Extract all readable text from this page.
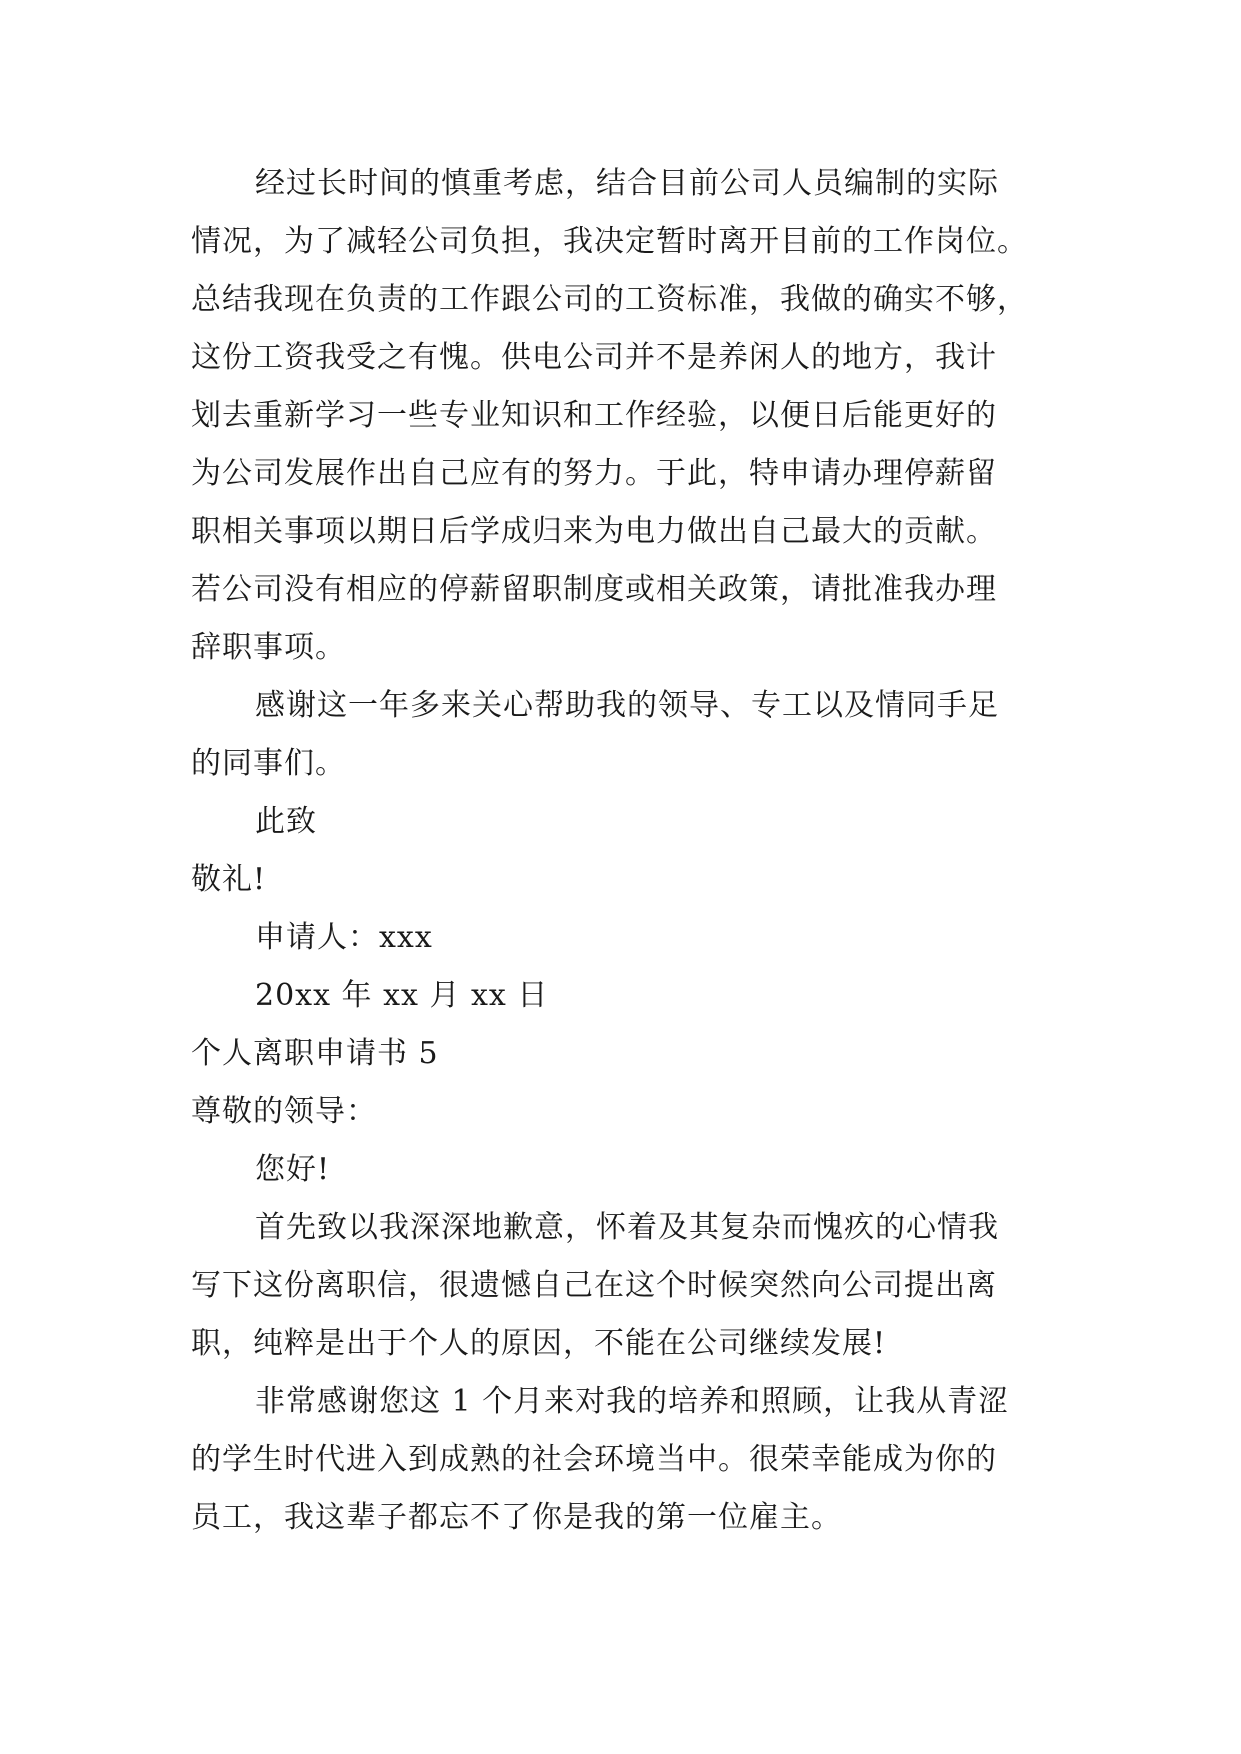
经过长时间的慎重考虑，结合目前公司人员编制的实际
情况，为了减轻公司负担，我决定暂时离开目前的工作岗位。
总结我现在负责的工作跟公司的工资标准，我做的确实不够，
这份工资我受之有愧。供电公司并不是养闲人的地方，我计
划去重新学习一些专业知识和工作经验，以便日后能更好的
为公司发展作出自己应有的努力。于此，特申请办理停薪留
职相关事项以期日后学成归来为电力做出自己最大的贡献。
若公司没有相应的停薪留职制度或相关政策，请批准我办理
辞职事项。
感谢这一年多来关心帮助我的领导、专工以及情同手足
的同事们。
此致
敬礼!
申请人：xxx
20xx 年 xx 月 xx 日
个人离职申请书 5
尊敬的领导：
您好!
首先致以我深深地歉意，怀着及其复杂而愧疚的心情我
写下这份离职信，很遗憾自己在这个时候突然向公司提出离
职，纯粹是出于个人的原因，不能在公司继续发展!
非常感谢您这 1 个月来对我的培养和照顾，让我从青涩
的学生时代进入到成熟的社会环境当中。很荣幸能成为你的
员工，我这辈子都忘不了你是我的第一位雇主。
